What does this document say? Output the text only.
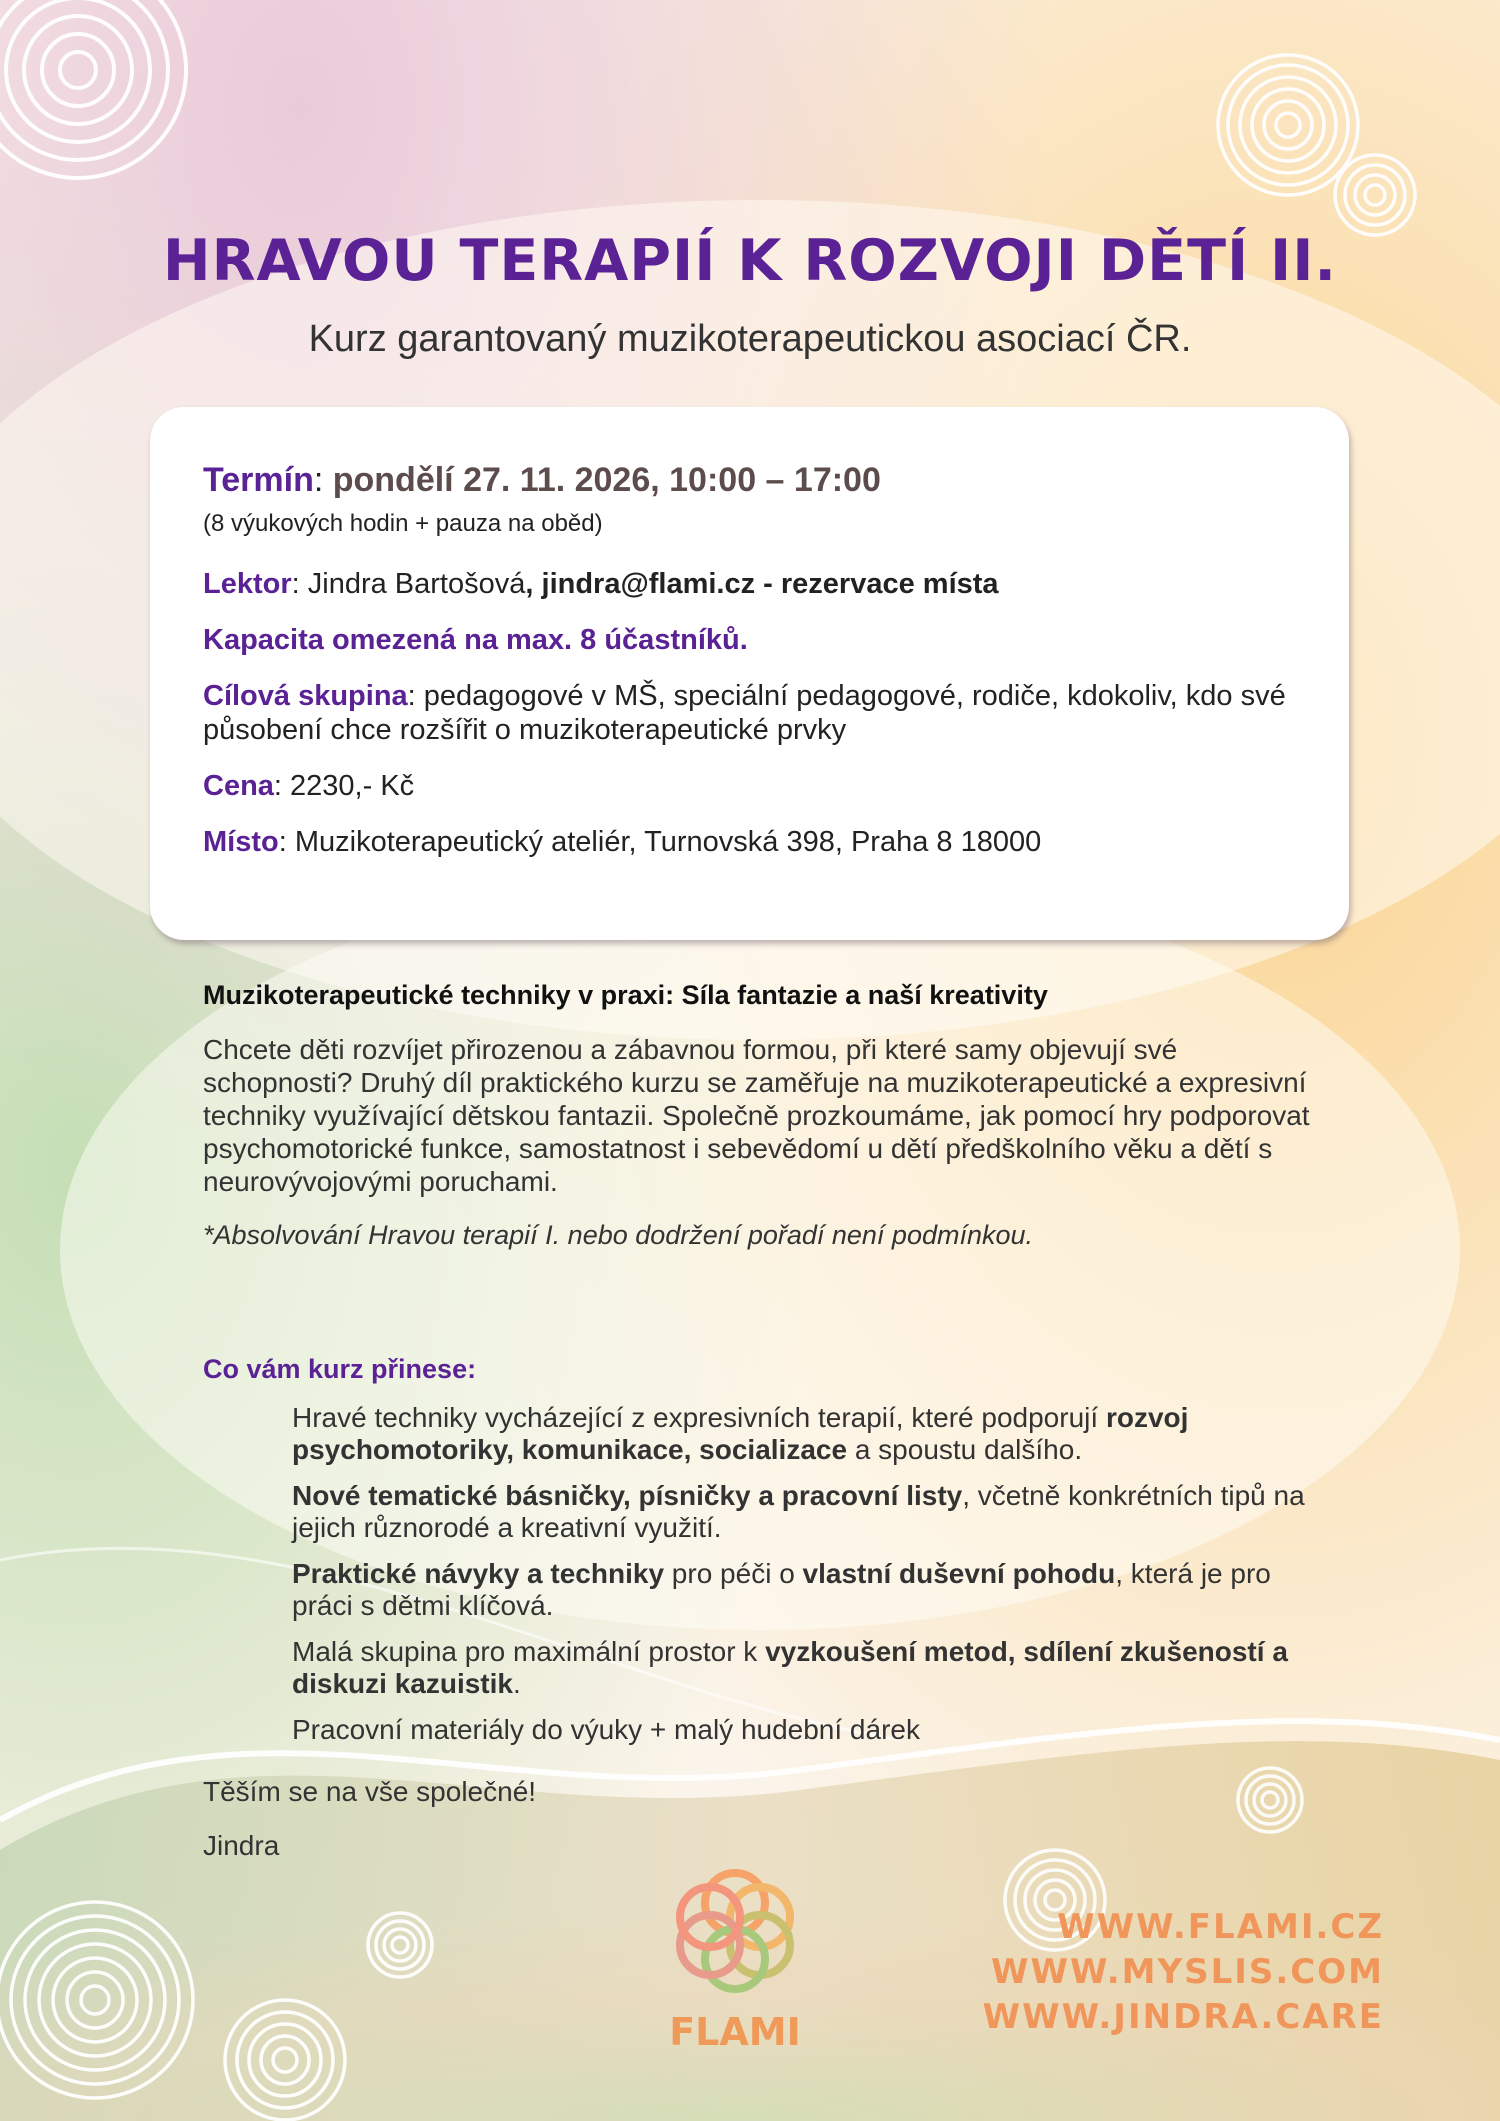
HRAVOU TERAPIÍ K ROZVOJI DĚTÍ II.

Kurz garantovaný muzikoterapeutickou asociací ČR.

Termín: pondělí 27. 11. 2026, 10:00 – 17:00

(8 výukových hodin + pauza na oběd)

Lektor: Jindra Bartošová, jindra@flami.cz - rezervace místa

Kapacita omezená na max. 8 účastníků.

Cílová skupina: pedagogové v MŠ, speciální pedagogové, rodiče, kdokoliv, kdo své působení chce rozšířit o muzikoterapeutické prvky

Cena: 2230,- Kč

Místo: Muzikoterapeutický ateliér, Turnovská 398, Praha 8 18000

Muzikoterapeutické techniky v praxi: Síla fantazie a naší kreativity

Chcete děti rozvíjet přirozenou a zábavnou formou, při které samy objevují své schopnosti? Druhý díl praktického kurzu se zaměřuje na muzikoterapeutické a expresivní techniky využívající dětskou fantazii. Společně prozkoumáme, jak pomocí hry podporovat psychomotorické funkce, samostatnost i sebevědomí u dětí předškolního věku a dětí s neurovývojovými poruchami.

*Absolvování Hravou terapií I. nebo dodržení pořadí není podmínkou.

Co vám kurz přinese:

Hravé techniky vycházející z expresivních terapií, které podporují rozvoj psychomotoriky, komunikace, socializace a spoustu dalšího.

Nové tematické básničky, písničky a pracovní listy, včetně konkrétních tipů na jejich různorodé a kreativní využití.

Praktické návyky a techniky pro péči o vlastní duševní pohodu, která je pro práci s dětmi klíčová.

Malá skupina pro maximální prostor k vyzkoušení metod, sdílení zkušeností a diskuzi kazuistik.

Pracovní materiály do výuky + malý hudební dárek

Těším se na vše společné!

Jindra

FLAMI
WWW.FLAMI.CZ
WWW.MYSLIS.COM
WWW.JINDRA.CARE
